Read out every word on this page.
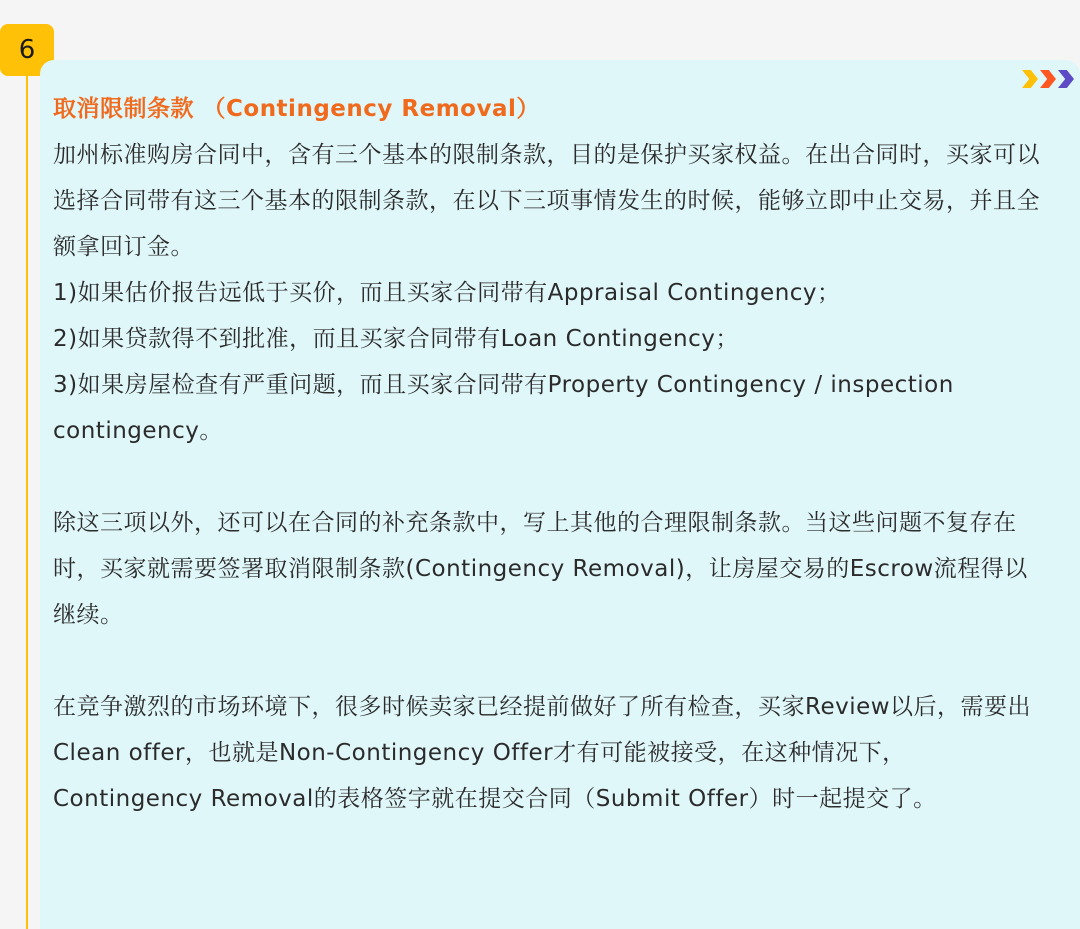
6
取消限制条款 （Contingency Removal）

加州标准购房合同中，含有三个基本的限制条款，目的是保护买家权益。在出合同时，买家可以选择合同带有这三个基本的限制条款，在以下三项事情发生的时候，能够立即中止交易，并且全额拿回订金。

1)如果估价报告远低于买价，而且买家合同带有Appraisal Contingency；

2)如果贷款得不到批准，而且买家合同带有Loan Contingency；

3)如果房屋检查有严重问题，而且买家合同带有Property Contingency / inspection contingency。

除这三项以外，还可以在合同的补充条款中，写上其他的合理限制条款。当这些问题不复存在时，买家就需要签署取消限制条款(Contingency Removal)，让房屋交易的Escrow流程得以继续。

在竞争激烈的市场环境下，很多时候卖家已经提前做好了所有检查，买家Review以后，需要出Clean offer，也就是Non-Contingency Offer才有可能被接受，在这种情况下，Contingency Removal的表格签字就在提交合同（Submit Offer）时一起提交了。
